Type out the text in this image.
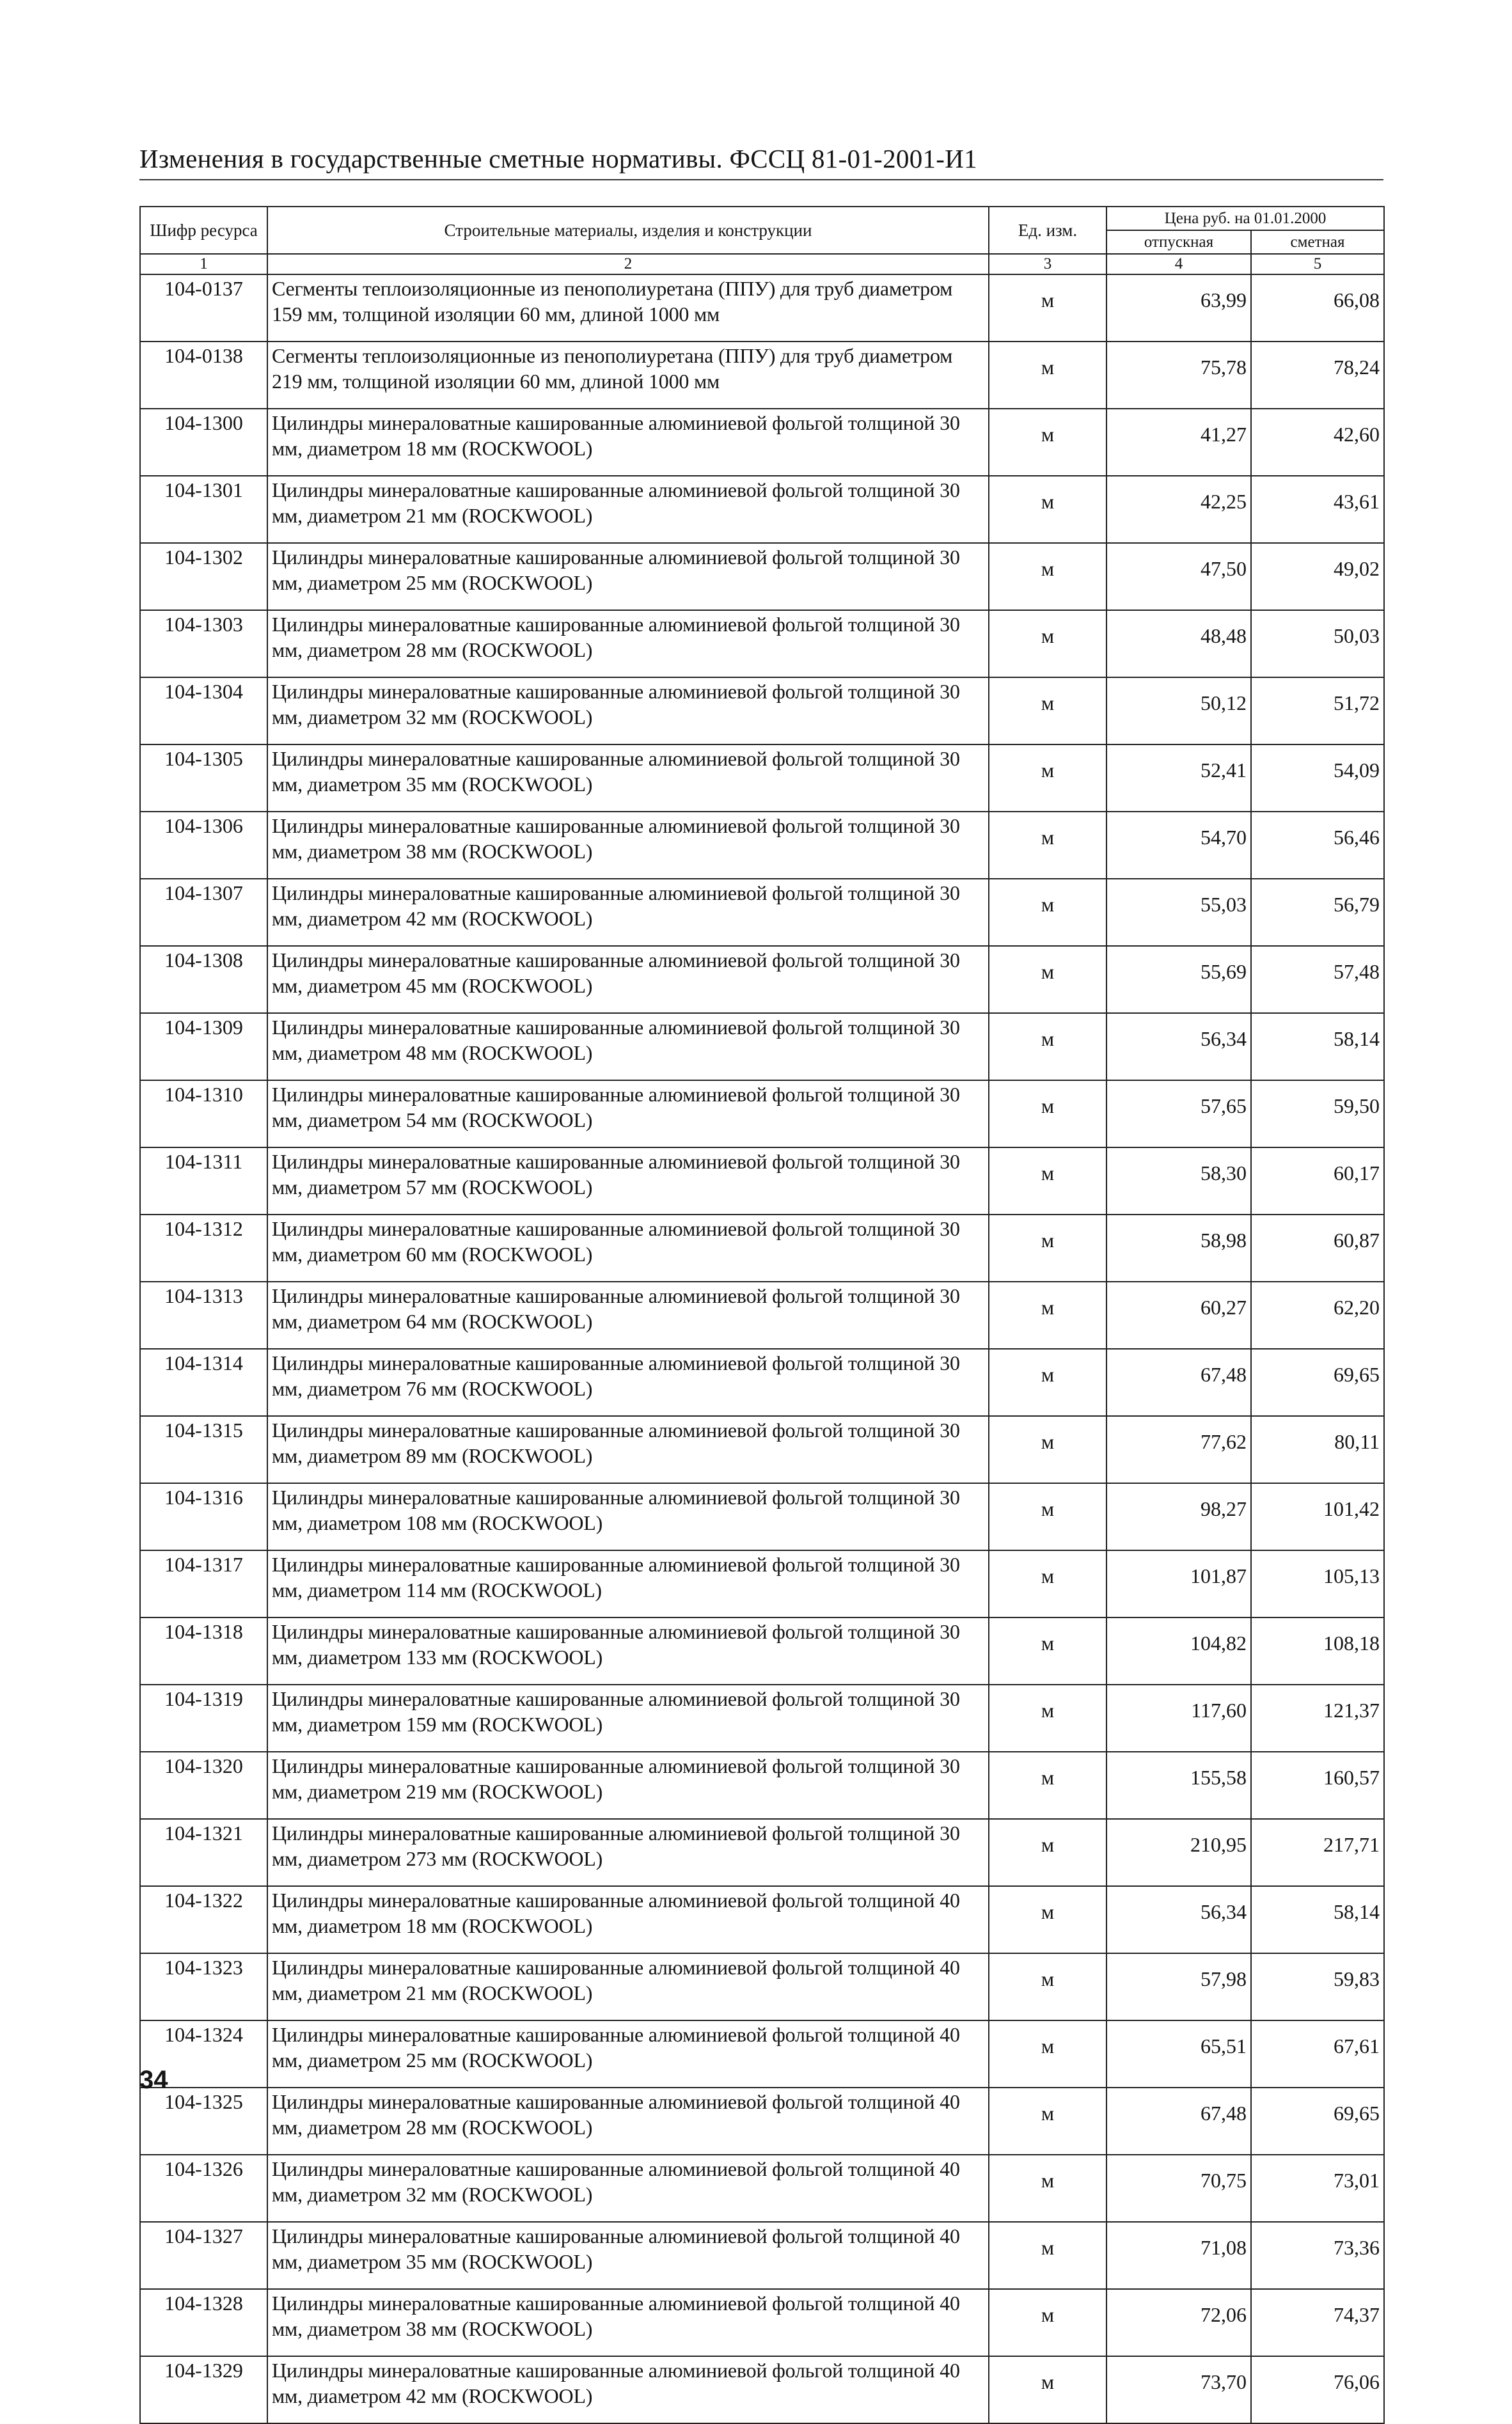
Изменения в государственные сметные нормативы. ФССЦ 81-01-2001-И1
Шифр ресурса	Строительные материалы, изделия и конструкции	Ед. изм.	Цена руб. на 01.01.2000	
			отпускная	сметная
1	2	3	4	5
104-0137	Сегменты теплоизоляционные из пенополиуретана (ППУ) для труб диаметром 159 мм, толщиной изоляции 60 мм, длиной 1000 мм	м	63,99	66,08
104-0138	Сегменты теплоизоляционные из пенополиуретана (ППУ) для труб диаметром 219 мм, толщиной изоляции 60 мм, длиной 1000 мм	м	75,78	78,24
104-1300	Цилиндры минераловатные кашированные алюминиевой фольгой толщиной 30 мм, диаметром 18 мм (ROCKWOOL)	м	41,27	42,60
104-1301	Цилиндры минераловатные кашированные алюминиевой фольгой толщиной 30 мм, диаметром 21 мм (ROCKWOOL)	м	42,25	43,61
104-1302	Цилиндры минераловатные кашированные алюминиевой фольгой толщиной 30 мм, диаметром 25 мм (ROCKWOOL)	м	47,50	49,02
104-1303	Цилиндры минераловатные кашированные алюминиевой фольгой толщиной 30 мм, диаметром 28 мм (ROCKWOOL)	м	48,48	50,03
104-1304	Цилиндры минераловатные кашированные алюминиевой фольгой толщиной 30 мм, диаметром 32 мм (ROCKWOOL)	м	50,12	51,72
104-1305	Цилиндры минераловатные кашированные алюминиевой фольгой толщиной 30 мм, диаметром 35 мм (ROCKWOOL)	м	52,41	54,09
104-1306	Цилиндры минераловатные кашированные алюминиевой фольгой толщиной 30 мм, диаметром 38 мм (ROCKWOOL)	м	54,70	56,46
104-1307	Цилиндры минераловатные кашированные алюминиевой фольгой толщиной 30 мм, диаметром 42 мм (ROCKWOOL)	м	55,03	56,79
104-1308	Цилиндры минераловатные кашированные алюминиевой фольгой толщиной 30 мм, диаметром 45 мм (ROCKWOOL)	м	55,69	57,48
104-1309	Цилиндры минераловатные кашированные алюминиевой фольгой толщиной 30 мм, диаметром 48 мм (ROCKWOOL)	м	56,34	58,14
104-1310	Цилиндры минераловатные кашированные алюминиевой фольгой толщиной 30 мм, диаметром 54 мм (ROCKWOOL)	м	57,65	59,50
104-1311	Цилиндры минераловатные кашированные алюминиевой фольгой толщиной 30 мм, диаметром 57 мм (ROCKWOOL)	м	58,30	60,17
104-1312	Цилиндры минераловатные кашированные алюминиевой фольгой толщиной 30 мм, диаметром 60 мм (ROCKWOOL)	м	58,98	60,87
104-1313	Цилиндры минераловатные кашированные алюминиевой фольгой толщиной 30 мм, диаметром 64 мм (ROCKWOOL)	м	60,27	62,20
104-1314	Цилиндры минераловатные кашированные алюминиевой фольгой толщиной 30 мм, диаметром 76 мм (ROCKWOOL)	м	67,48	69,65
104-1315	Цилиндры минераловатные кашированные алюминиевой фольгой толщиной 30 мм, диаметром 89 мм (ROCKWOOL)	м	77,62	80,11
104-1316	Цилиндры минераловатные кашированные алюминиевой фольгой толщиной 30 мм, диаметром 108 мм (ROCKWOOL)	м	98,27	101,42
104-1317	Цилиндры минераловатные кашированные алюминиевой фольгой толщиной 30 мм, диаметром 114 мм (ROCKWOOL)	м	101,87	105,13
104-1318	Цилиндры минераловатные кашированные алюминиевой фольгой толщиной 30 мм, диаметром 133 мм (ROCKWOOL)	м	104,82	108,18
104-1319	Цилиндры минераловатные кашированные алюминиевой фольгой толщиной 30 мм, диаметром 159 мм (ROCKWOOL)	м	117,60	121,37
104-1320	Цилиндры минераловатные кашированные алюминиевой фольгой толщиной 30 мм, диаметром 219 мм (ROCKWOOL)	м	155,58	160,57
104-1321	Цилиндры минераловатные кашированные алюминиевой фольгой толщиной 30 мм, диаметром 273 мм (ROCKWOOL)	м	210,95	217,71
104-1322	Цилиндры минераловатные кашированные алюминиевой фольгой толщиной 40 мм, диаметром 18 мм (ROCKWOOL)	м	56,34	58,14
104-1323	Цилиндры минераловатные кашированные алюминиевой фольгой толщиной 40 мм, диаметром 21 мм (ROCKWOOL)	м	57,98	59,83
104-1324	Цилиндры минераловатные кашированные алюминиевой фольгой толщиной 40 мм, диаметром 25 мм (ROCKWOOL)	м	65,51	67,61
104-1325	Цилиндры минераловатные кашированные алюминиевой фольгой толщиной 40 мм, диаметром 28 мм (ROCKWOOL)	м	67,48	69,65
104-1326	Цилиндры минераловатные кашированные алюминиевой фольгой толщиной 40 мм, диаметром 32 мм (ROCKWOOL)	м	70,75	73,01
104-1327	Цилиндры минераловатные кашированные алюминиевой фольгой толщиной 40 мм, диаметром 35 мм (ROCKWOOL)	м	71,08	73,36
104-1328	Цилиндры минераловатные кашированные алюминиевой фольгой толщиной 40 мм, диаметром 38 мм (ROCKWOOL)	м	72,06	74,37
104-1329	Цилиндры минераловатные кашированные алюминиевой фольгой толщиной 40 мм, диаметром 42 мм (ROCKWOOL)	м	73,70	76,06
34
